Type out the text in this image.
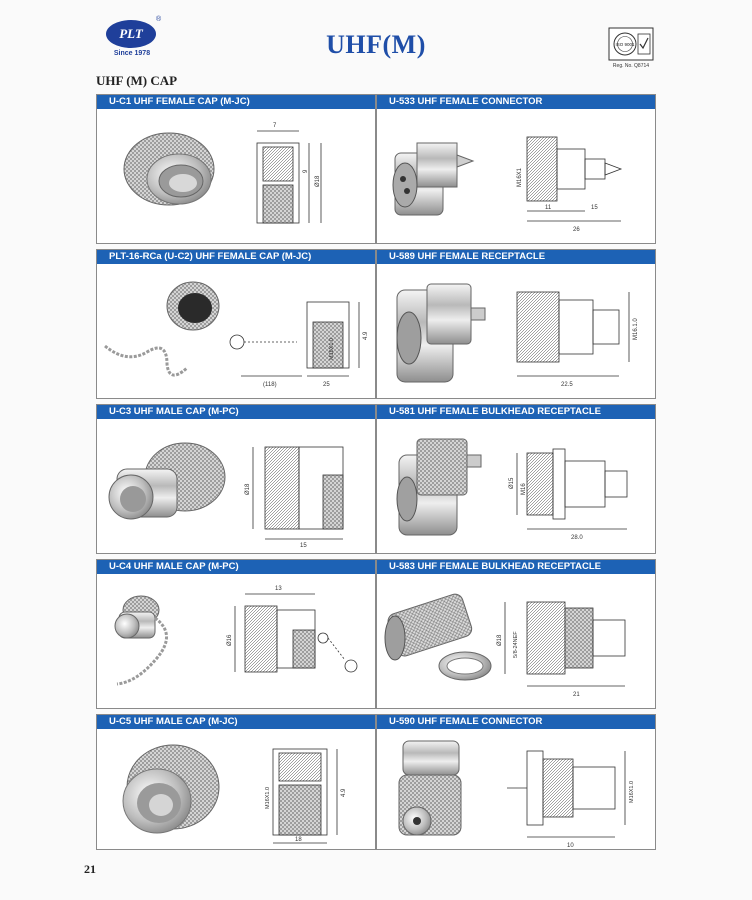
PLT
®
Since 1978	UHF(M)	ISO 9001
Reg. No. Q8714
UHF (M) CAP
U-C1 UHF FEMALE CAP (M-JC)
7
9
Ø18
U-533 UHF FEMALE CONNECTOR
M16X1
11	15
26
PLT-16-RCa (U-C2) UHF FEMALE CAP (M-JC)
M16X1.0
4.9
(118)	25
U-589 UHF FEMALE RECEPTACLE
M16.1.0
22.5
U-C3 UHF MALE CAP (M-PC)
Ø18
15
U-581 UHF FEMALE BULKHEAD RECEPTACLE
Ø15 M16
28.0
U-C4 UHF MALE CAP (M-PC)
13
Ø16
U-583 UHF FEMALE BULKHEAD RECEPTACLE
Ø18 5/8-24NEF
21
U-C5 UHF MALE CAP (M-JC)
M16X1.0	4.9
18
U-590 UHF FEMALE CONNECTOR
M16X1.0
10
21
